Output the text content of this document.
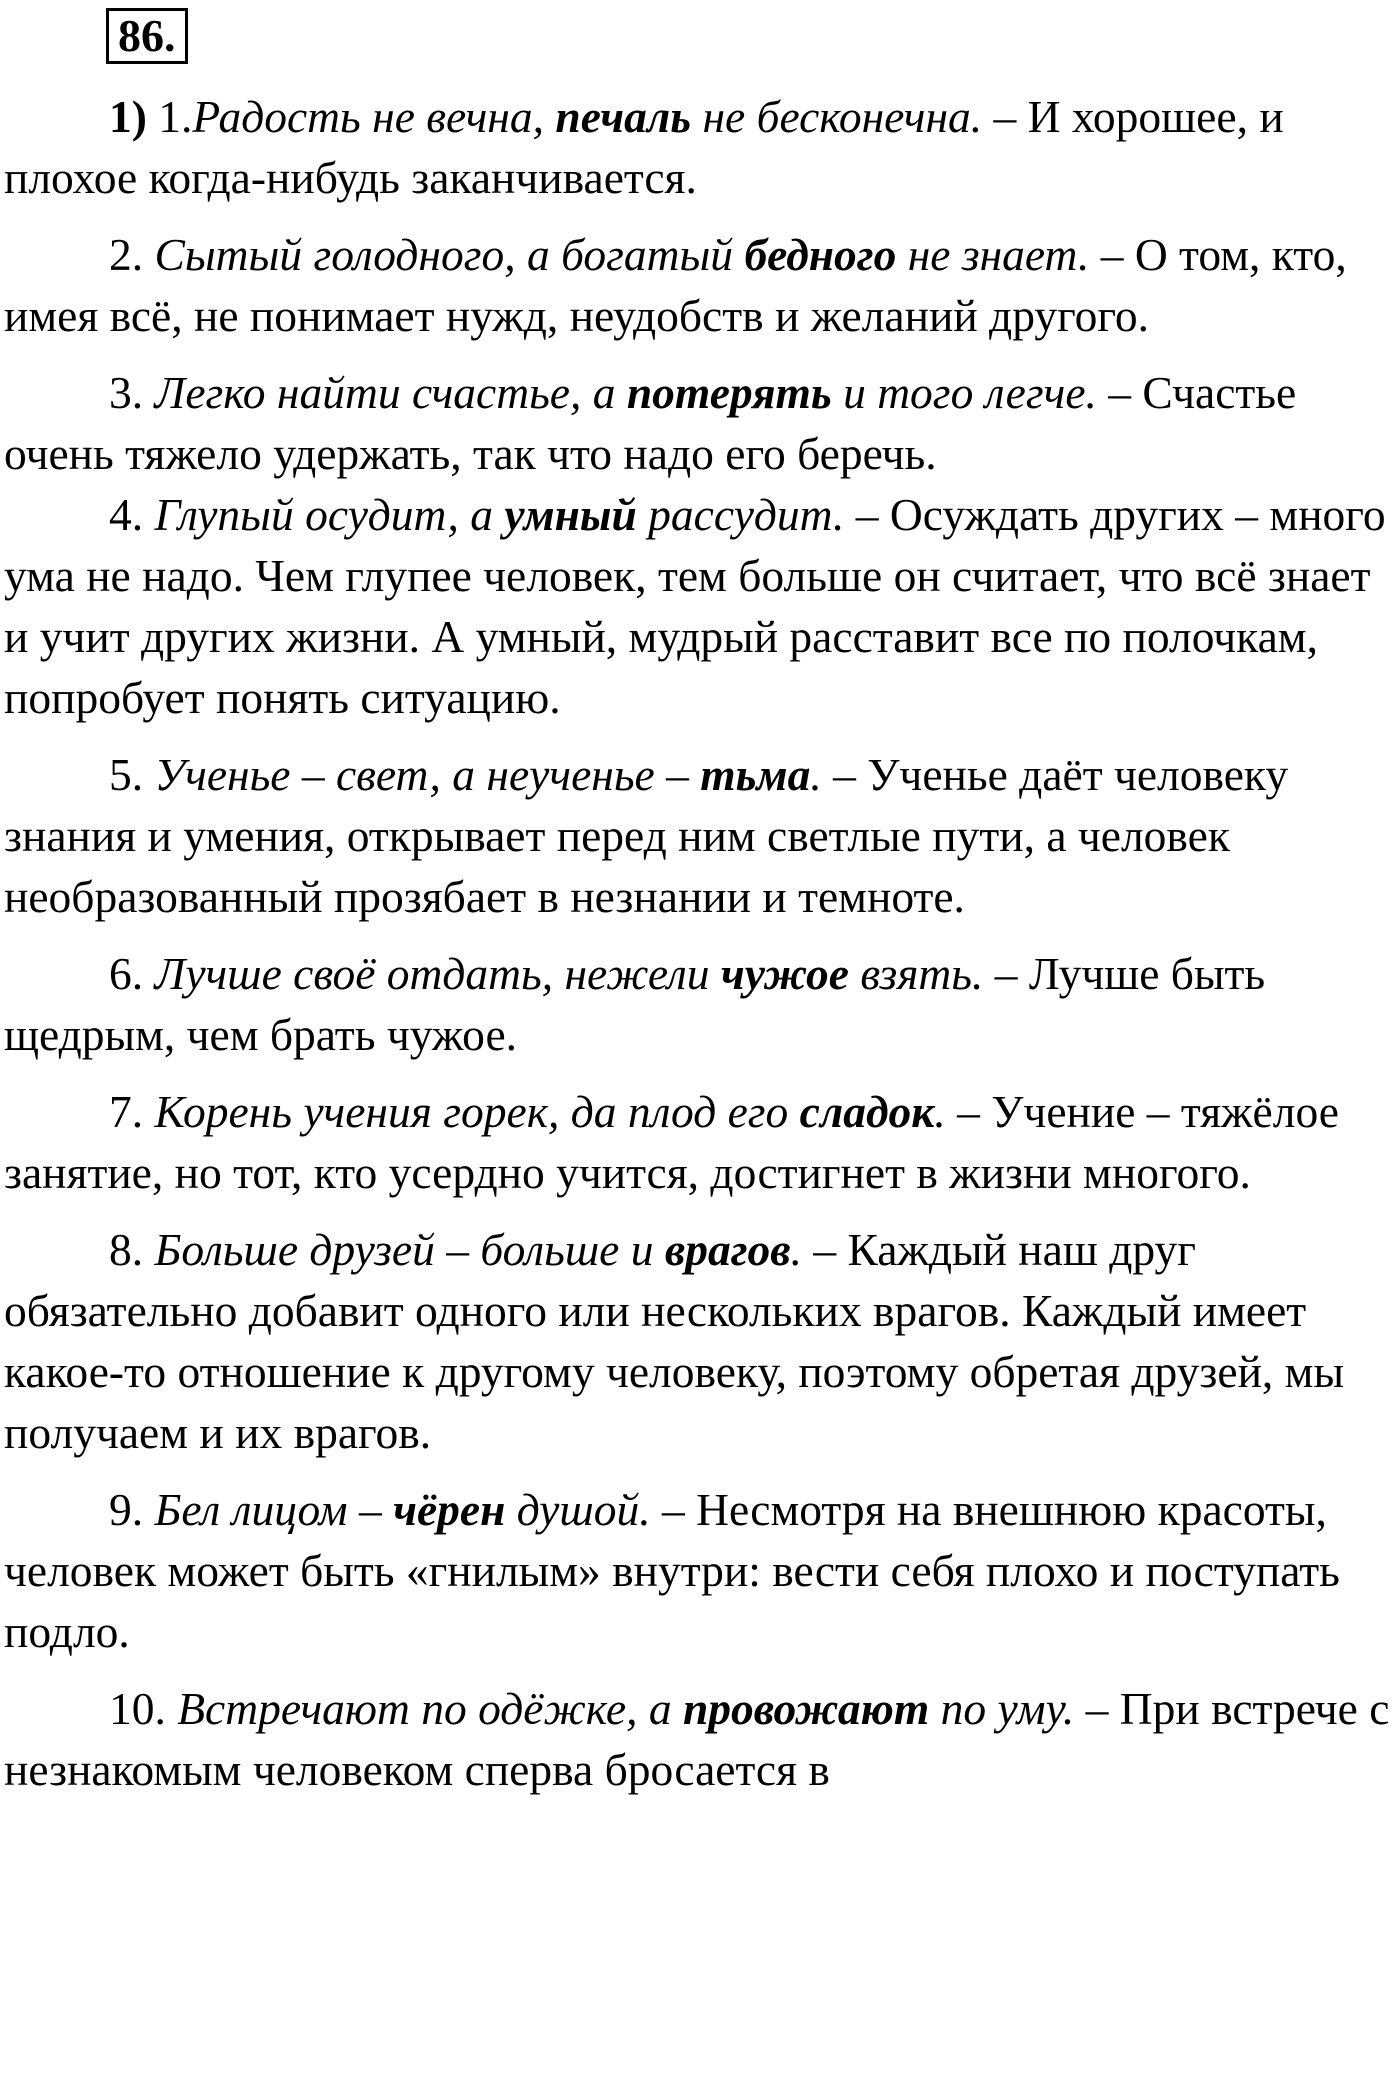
86.

1) 1.Радость не вечна, печаль не бесконечна. – И хорошее, и плохое когда-нибудь заканчивается.

2. Сытый голодного, а богатый бедного не знает. – О том, кто, имея всё, не понимает нужд, неудобств и желаний другого.

3. Легко найти счастье, а потерять и того легче. – Счастье очень тяжело удержать, так что надо его беречь.

4. Глупый осудит, а умный рассудит. – Осуждать других – много ума не надо. Чем глупее человек, тем больше он считает, что всё знает и учит других жизни. А умный, мудрый расставит все по полочкам, попробует понять ситуацию.

5. Ученье – свет, а неученье – тьма. – Ученье даёт человеку знания и умения, открывает перед ним светлые пути, а человек необразованный прозябает в незнании и темноте.

6. Лучше своё отдать, нежели чужое взять. – Лучше быть щедрым, чем брать чужое.

7. Корень учения горек, да плод его сладок. – Учение – тяжёлое занятие, но тот, кто усердно учится, достигнет в жизни многого.

8. Больше друзей – больше и врагов. – Каждый наш друг обязательно добавит одного или нескольких врагов. Каждый имеет какое-то отношение к другому человеку, поэтому обретая друзей, мы получаем и их врагов.

9. Бел лицом – чёрен душой. – Несмотря на внешнюю красоты, человек может быть «гнилым» внутри: вести себя плохо и поступать подло.

10. Встречают по одёжке, а провожают по уму. – При встрече с незнакомым человеком сперва бросается в
